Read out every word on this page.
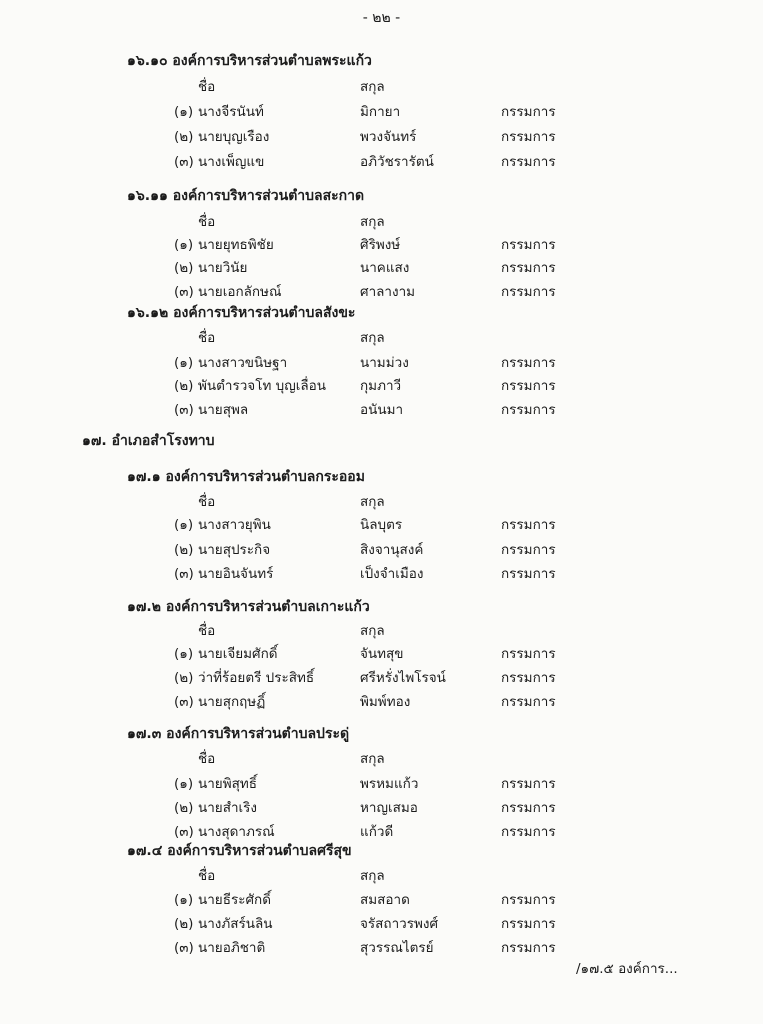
- ๒๒ -
๑๖.๑๐ องค์การบริหารส่วนตำบลพระแก้ว
ชื่อ	สกุล
(๑) นางจีรนันท์	มิกายา	กรรมการ
(๒) นายบุญเรือง	พวงจันทร์	กรรมการ
(๓) นางเพ็ญแข	อภิวัชรารัตน์	กรรมการ
๑๖.๑๑ องค์การบริหารส่วนตำบลสะกาด
ชื่อ	สกุล
(๑) นายยุทธพิชัย	ศิริพงษ์	กรรมการ
(๒) นายวินัย	นาคแสง	กรรมการ
(๓) นายเอกลักษณ์	ศาลางาม	กรรมการ
๑๖.๑๒ องค์การบริหารส่วนตำบลสังขะ
ชื่อ	สกุล
(๑) นางสาวขนิษฐา	นามม่วง	กรรมการ
(๒) พันตำรวจโท บุญเลื่อน	กุมภาวี	กรรมการ
(๓) นายสุพล	อนันมา	กรรมการ
๑๗. อำเภอสำโรงทาบ
๑๗.๑ องค์การบริหารส่วนตำบลกระออม
ชื่อ	สกุล
(๑) นางสาวยุพิน	นิลบุตร	กรรมการ
(๒) นายสุประกิจ	สิงจานุสงค์	กรรมการ
(๓) นายอินจันทร์	เป็งจำเมือง	กรรมการ
๑๗.๒ องค์การบริหารส่วนตำบลเกาะแก้ว
ชื่อ	สกุล
(๑) นายเจียมศักดิ์	จันทสุข	กรรมการ
(๒) ว่าที่ร้อยตรี ประสิทธิ์	ศรีหรั่งไพโรจน์	กรรมการ
(๓) นายสุกฤษฏิ์	พิมพ์ทอง	กรรมการ
๑๗.๓ องค์การบริหารส่วนตำบลประดู่
ชื่อ	สกุล
(๑) นายพิสุทธิ์	พรหมแก้ว	กรรมการ
(๒) นายสำเริง	หาญเสมอ	กรรมการ
(๓) นางสุดาภรณ์	แก้วดี	กรรมการ
๑๗.๔ องค์การบริหารส่วนตำบลศรีสุข
ชื่อ	สกุล
(๑) นายธีระศักดิ์	สมสอาด	กรรมการ
(๒) นางภัสร์นลิน	จรัสถาวรพงศ์	กรรมการ
(๓) นายอภิชาติ	สุวรรณไตรย์	กรรมการ
/๑๗.๕ องค์การ...
